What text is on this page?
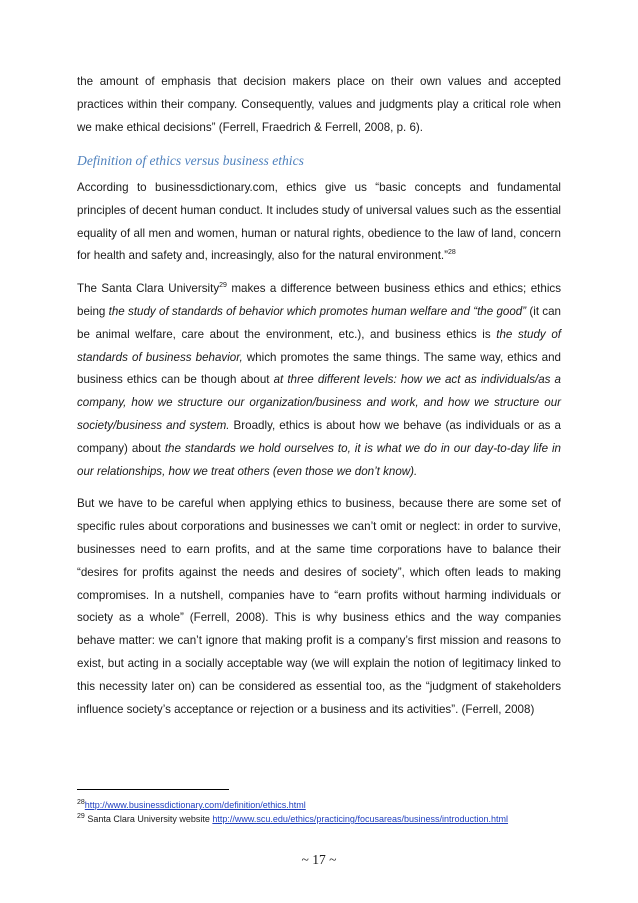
the amount of emphasis that decision makers place on their own values and accepted practices within their company. Consequently, values and judgments play a critical role when we make ethical decisions” (Ferrell, Fraedrich & Ferrell, 2008, p. 6).

Definition of ethics versus business ethics

According to businessdictionary.com, ethics give us “basic concepts and fundamental principles of decent human conduct. It includes study of universal values such as the essential equality of all men and women, human or natural rights, obedience to the law of land, concern for health and safety and, increasingly, also for the natural environment.”$^{28}$

The Santa Clara University$^{29}$ makes a difference between business ethics and ethics; ethics being the study of standards of behavior which promotes human welfare and “the good” (it can be animal welfare, care about the environment, etc.), and business ethics is the study of standards of business behavior, which promotes the same things. The same way, ethics and business ethics can be though about at three different levels: how we act as individuals/as a company, how we structure our organization/business and work, and how we structure our society/business and system. Broadly, ethics is about how we behave (as individuals or as a company) about the standards we hold ourselves to, it is what we do in our day-to-day life in our relationships, how we treat others (even those we don’t know).

But we have to be careful when applying ethics to business, because there are some set of specific rules about corporations and businesses we can’t omit or neglect: in order to survive, businesses need to earn profits, and at the same time corporations have to balance their “desires for profits against the needs and desires of society”, which often leads to making compromises. In a nutshell, companies have to “earn profits without harming individuals or society as a whole” (Ferrell, 2008). This is why business ethics and the way companies behave matter: we can’t ignore that making profit is a company’s first mission and reasons to exist, but acting in a socially acceptable way (we will explain the notion of legitimacy linked to this necessity later on) can be considered as essential too, as the “judgment of stakeholders influence society’s acceptance or rejection or a business and its activities”. (Ferrell, 2008)

$^{28}$http://www.businessdictionary.com/definition/ethics.html
$^{29}$ Santa Clara University website http://www.scu.edu/ethics/practicing/focusareas/business/introduction.html
~ 17 ~
